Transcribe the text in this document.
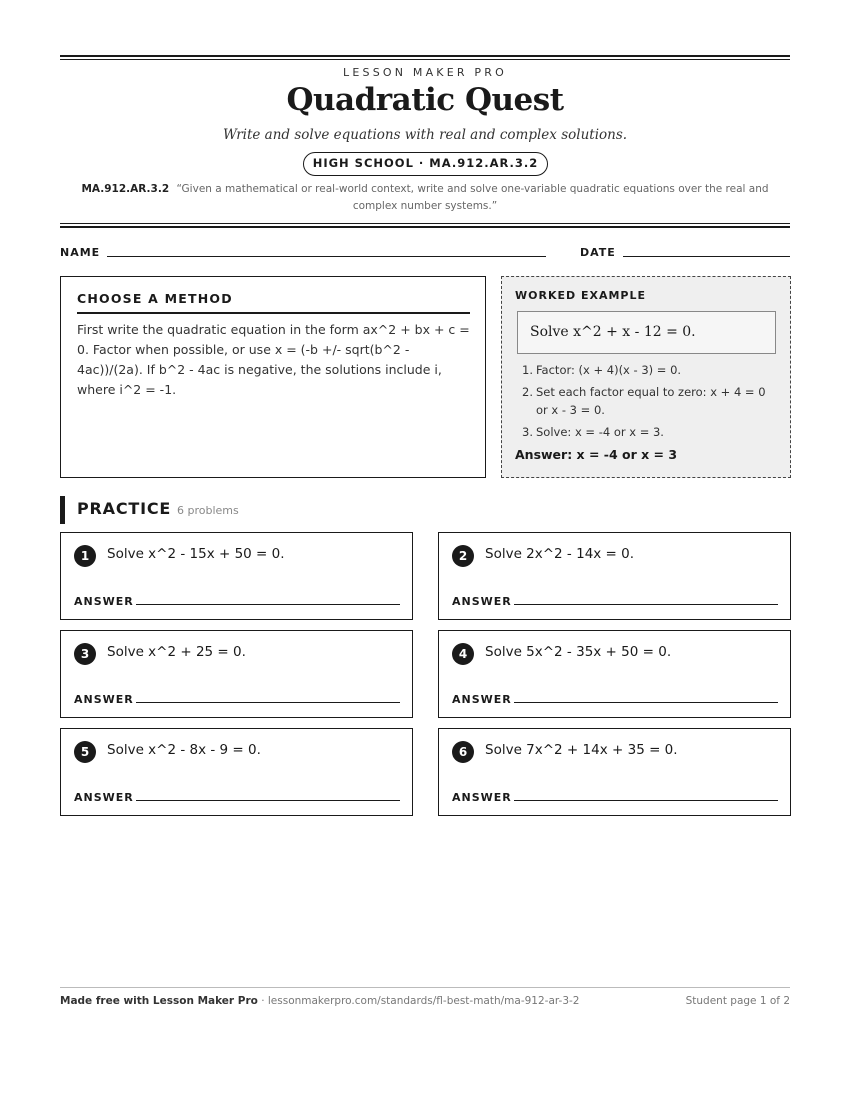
LESSON MAKER PRO
Quadratic Quest
Write and solve equations with real and complex solutions.
HIGH SCHOOL · MA.912.AR.3.2
MA.912.AR.3.2 “Given a mathematical or real-world context, write and solve one-variable quadratic equations over the real and complex number systems.”
NAME	DATE
CHOOSE A METHOD
First write the quadratic equation in the form ax^2 + bx + c = 0. Factor when possible, or use x = (-b +/- sqrt(b^2 - 4ac))/(2a). If b^2 - 4ac is negative, the solutions include i, where i^2 = -1.
WORKED EXAMPLE
Solve x^2 + x - 12 = 0.
1. Factor: (x + 4)(x - 3) = 0.
2. Set each factor equal to zero: x + 4 = 0 or x - 3 = 0.
3. Solve: x = -4 or x = 3.
Answer: x = -4 or x = 3
PRACTICE 6 problems
1	Solve x^2 - 15x + 50 = 0.
ANSWER
2	Solve 2x^2 - 14x = 0.
ANSWER
3	Solve x^2 + 25 = 0.
ANSWER
4	Solve 5x^2 - 35x + 50 = 0.
ANSWER
5	Solve x^2 - 8x - 9 = 0.
ANSWER
6	Solve 7x^2 + 14x + 35 = 0.
ANSWER
Made free with Lesson Maker Pro · lessonmakerpro.com/standards/fl-best-math/ma-912-ar-3-2	Student page 1 of 2
